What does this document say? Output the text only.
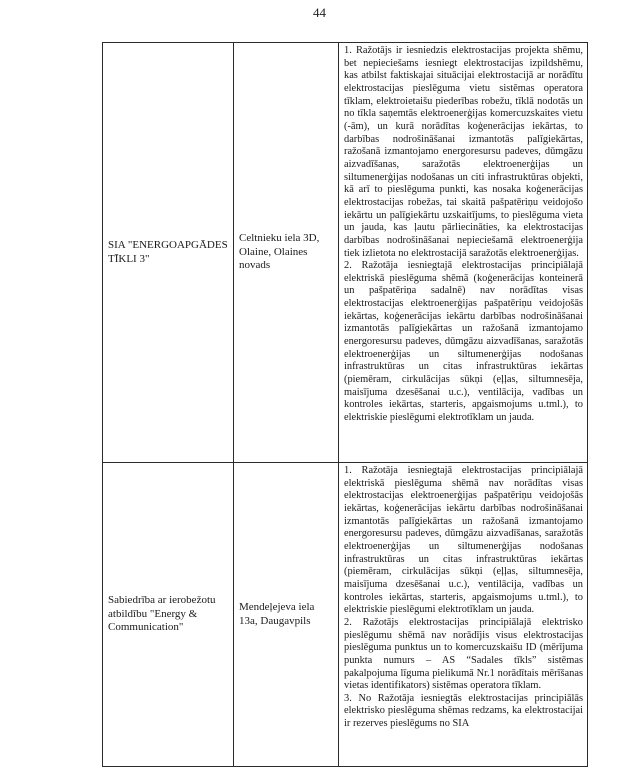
44
SIA "ENERGOAPGĀDES TĪKLI 3"	Celtnieku iela 3D, Olaine, Olaines novads	1. Ražotājs ir iesniedzis elektrostacijas projekta shēmu, bet nepieciešams iesniegt elektrostacijas izpildshēmu, kas atbilst faktiskajai situācijai elektrostacijā ar norādītu elektrostacijas pieslēguma vietu sistēmas operatora tīklam, elektroietaišu piederības robežu, tīklā nodotās un no tīkla saņemtās elektroenerģijas komercuzskaites vietu (-ām), un kurā norādītas koģenerācijas iekārtas, to darbības nodrošināšanai izmantotās palīgiekārtas, ražošanā izmantojamo energoresursu padeves, dūmgāzu aizvadīšanas, saražotās elektroenerģijas un siltumenerģijas nodošanas un citi infrastruktūras objekti, kā arī to pieslēguma punkti, kas nosaka koģenerācijas elektrostacijas robežas, tai skaitā pašpatēriņu veidojošo iekārtu un palīgiekārtu uzskaitījums, to pieslēguma vieta un jauda, kas ļautu pārliecināties, ka elektrostacijas darbības nodrošināšanai nepieciešamā elektroenerģija tiek izlietota no elektrostacijā saražotās elektroenerģijas.

2. Ražotāja iesniegtajā elektrostacijas principiālajā elektriskā pieslēguma shēmā (koģenerācijas konteinerā un pašpatēriņa sadalnē) nav norādītas visas elektrostacijas elektroenerģijas pašpatēriņu veidojošās iekārtas, koģenerācijas iekārtu darbības nodrošināšanai izmantotās palīgiekārtas un ražošanā izmantojamo energoresursu padeves, dūmgāzu aizvadīšanas, saražotās elektroenerģijas un siltumenerģijas nodošanas infrastruktūras un citas infrastruktūras iekārtas (piemēram, cirkulācijas sūkņi (eļļas, siltumnesēja, maisījuma dzesēšanai u.c.), ventilācija, vadības un kontroles iekārtas, starteris, apgaismojums u.tml.), to elektriskie pieslēgumi elektrotīklam un jauda.

Sabiedrība ar ierobežotu atbildību "Energy & Communication"	Mendeļejeva iela 13a, Daugavpils	1. Ražotāja iesniegtajā elektrostacijas principiālajā elektriskā pieslēguma shēmā nav norādītas visas elektrostacijas elektroenerģijas pašpatēriņu veidojošās iekārtas, koģenerācijas iekārtu darbības nodrošināšanai izmantotās palīgiekārtas un ražošanā izmantojamo energoresursu padeves, dūmgāzu aizvadīšanas, saražotās elektroenerģijas un siltumenerģijas nodošanas infrastruktūras un citas infrastruktūras iekārtas (piemēram, cirkulācijas sūkņi (eļļas, siltumnesēja, maisījuma dzesēšanai u.c.), ventilācija, vadības un kontroles iekārtas, starteris, apgaismojums u.tml.), to elektriskie pieslēgumi elektrotīklam un jauda.

2. Ražotājs elektrostacijas principiālajā elektrisko pieslēgumu shēmā nav norādījis visus elektrostacijas pieslēguma punktus un to komercuzskaišu ID (mērījuma punkta numurs – AS “Sadales tīkls” sistēmas pakalpojuma līguma pielikumā Nr.1 norādītais mērīšanas vietas identifikators) sistēmas operatora tīklam.

3. No Ražotāja iesniegtās elektrostacijas principiālās elektrisko pieslēguma shēmas redzams, ka elektrostacijai ir rezerves pieslēgums no SIA
